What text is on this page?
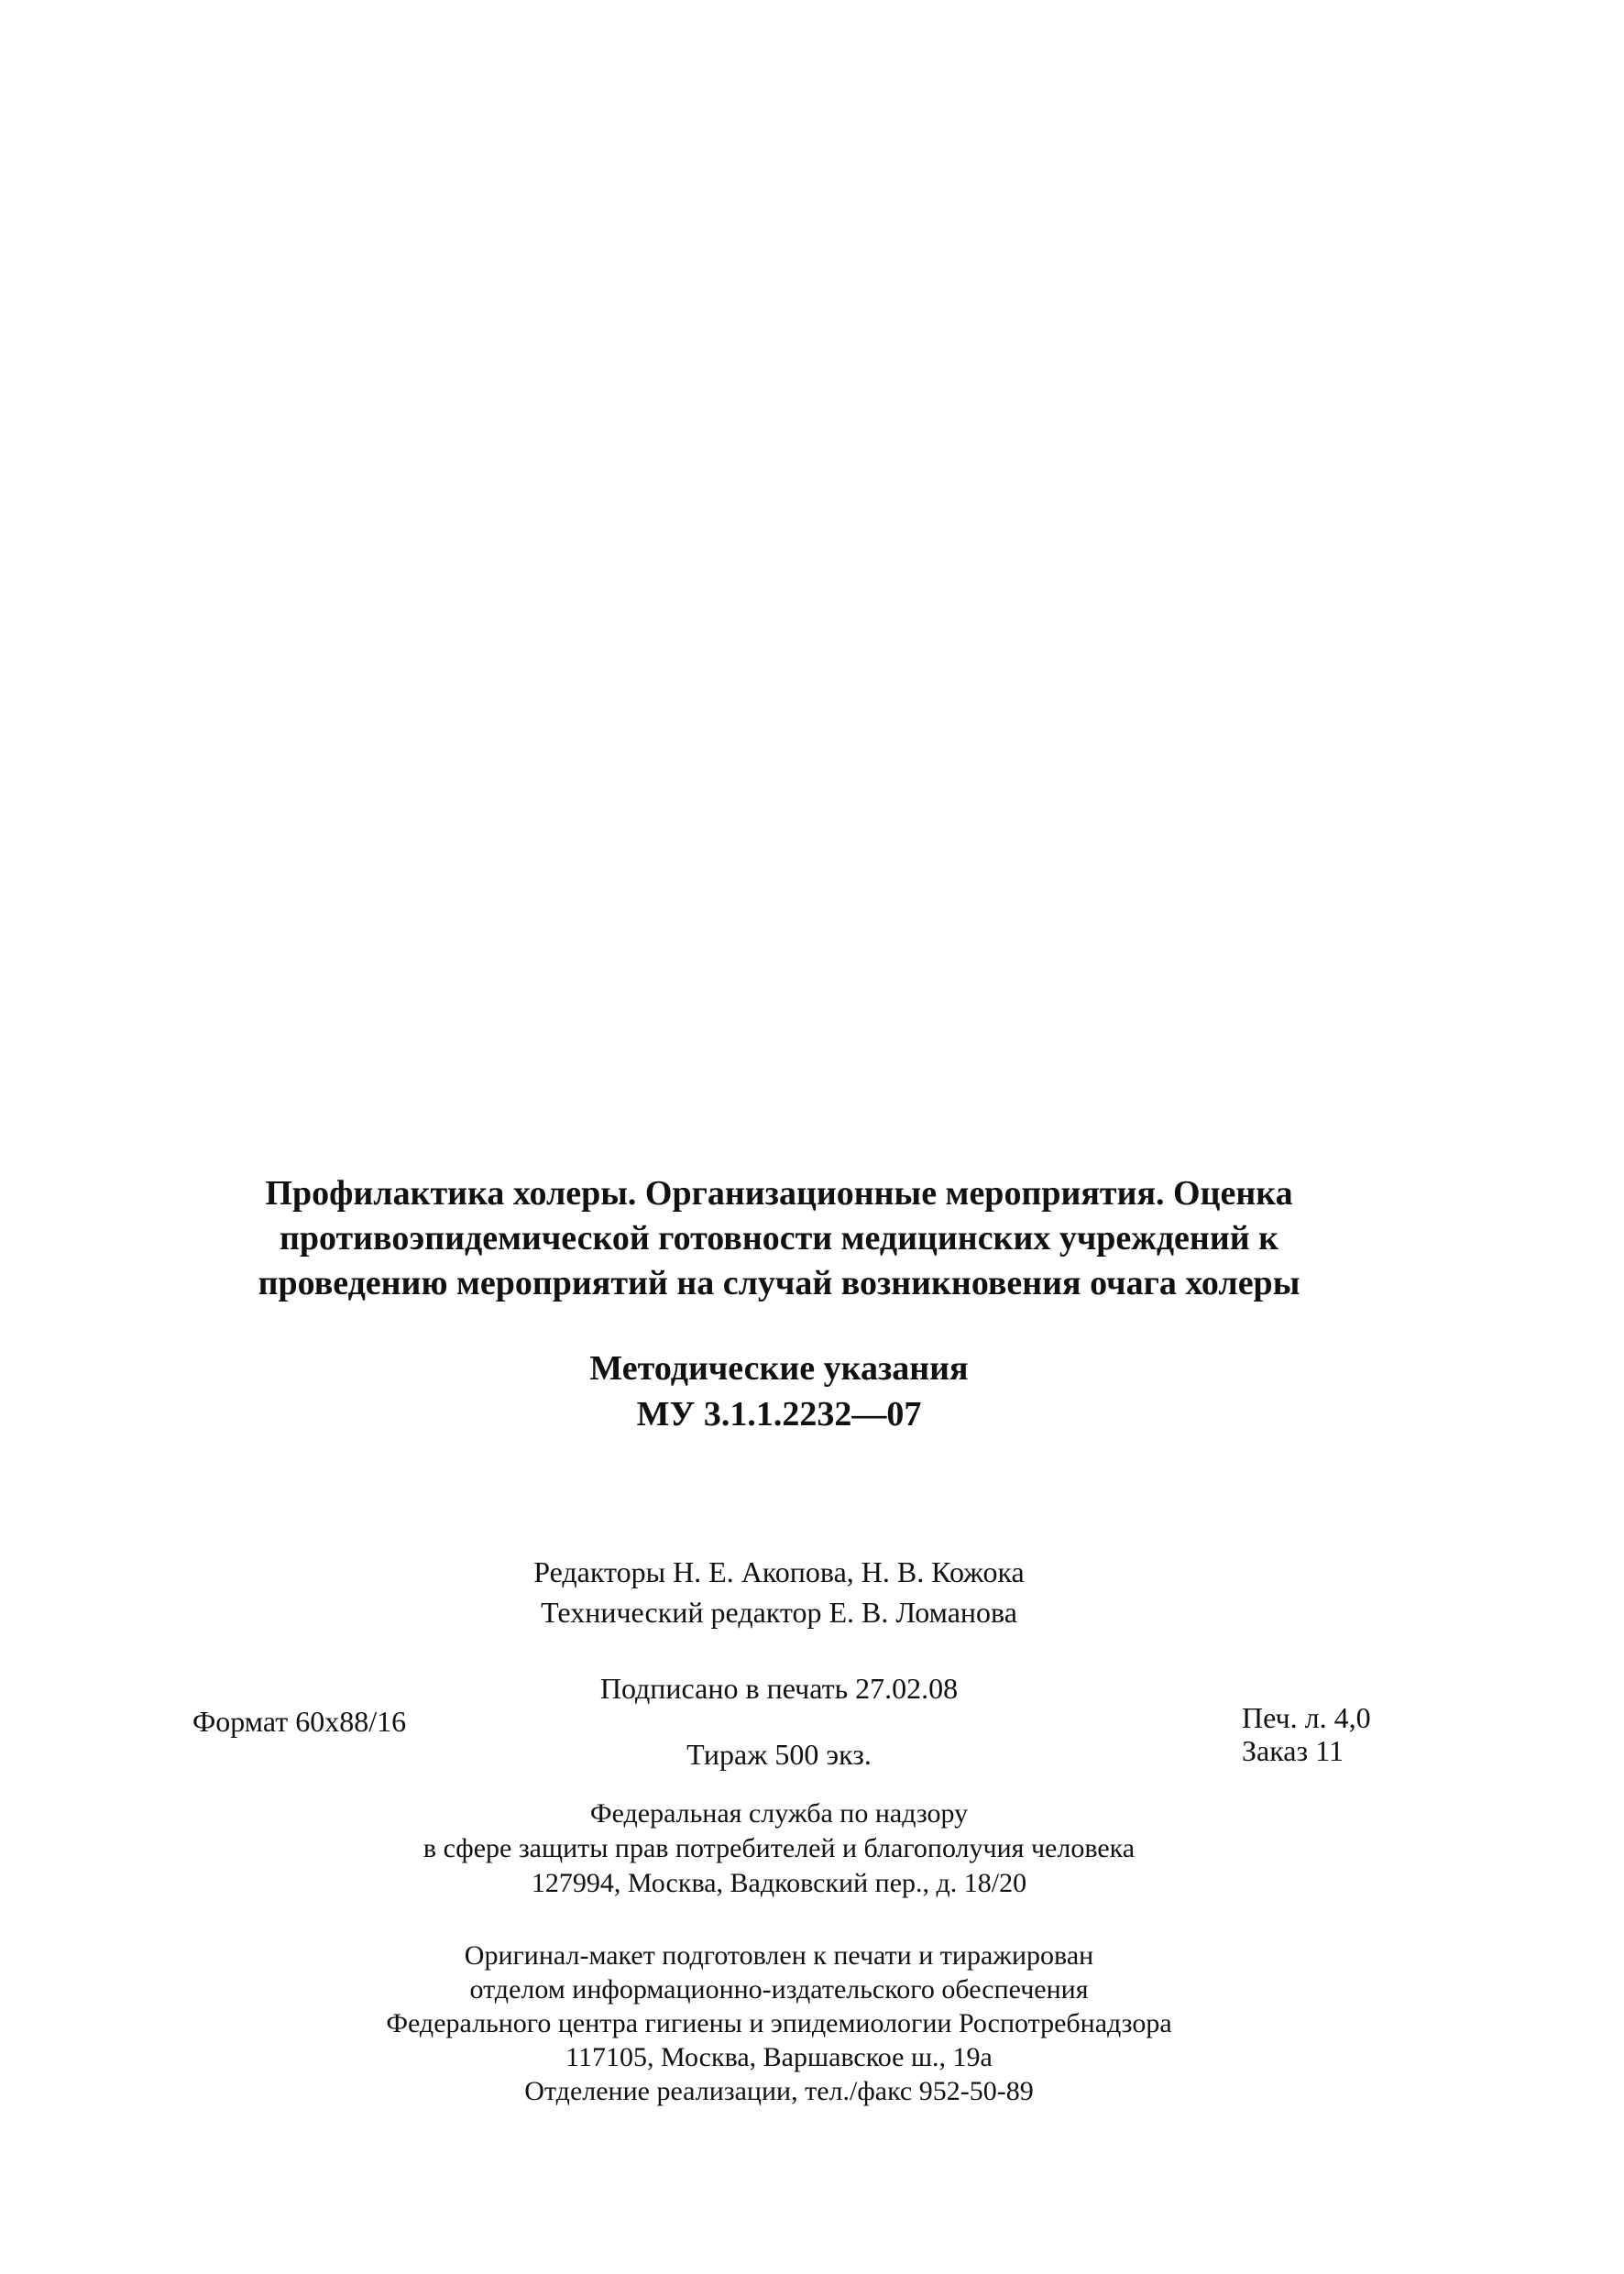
Профилактика холеры. Организационные мероприятия. Оценка
противоэпидемической готовности медицинских учреждений к
проведению мероприятий на случай возникновения очага холеры
Методические указания
МУ 3.1.1.2232—07
Редакторы Н. Е. Акопова, Н. В. Кожока
Технический редактор Е. В. Ломанова
Подписано в печать 27.02.08
Формат 60x88/16
Тираж 500 экз.
Печ. л. 4,0
Заказ 11
Федеральная служба по надзору
в сфере защиты прав потребителей и благополучия человека
127994, Москва, Вадковский пер., д. 18/20
Оригинал-макет подготовлен к печати и тиражирован
отделом информационно-издательского обеспечения
Федерального центра гигиены и эпидемиологии Роспотребнадзора
117105, Москва, Варшавское ш., 19а
Отделение реализации, тел./факс 952-50-89
